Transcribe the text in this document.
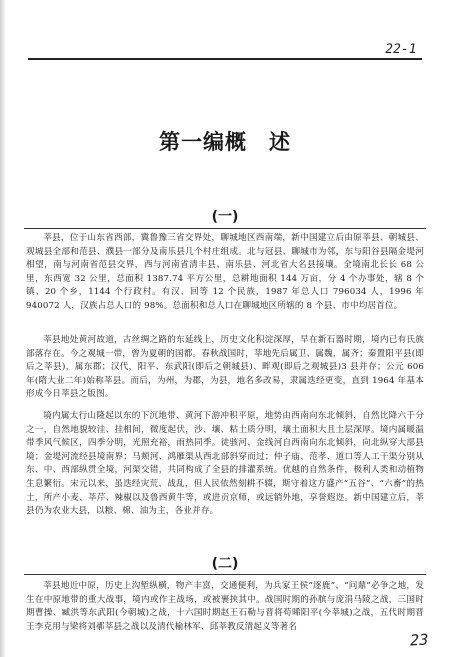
22-1
第一编概　述
(一)

莘县，位于山东省西部，冀鲁豫三省交界处，聊城地区西南端，新中国建立后由原莘县、朝城县、观城县全部和范县、濮县一部分及南乐县几个村庄组成。北与冠县、聊城市为邻，东与阳谷县隔金堤河相望，南与河南省范县交界，西与河南省清丰县、南乐县、河北省大名县接壤。全境南北长长 68 公里，东西宽 32 公里，总面积 1387.74 平方公里，总耕地面积 144 万亩，分 4 个办事处，辖 8 个镇、20 个乡，1144 个行政村。有汉、回等 12 个民族，1987 年总人口 796034 人，1996 年 940072 人，汉族占总人口的 98%。总面积和总人口在聊城地区所辖的 8 个县、市中均居首位。

莘县地处黄河故道，古丝绸之路的东延线上，历史文化积淀深厚，早在新石器时期，境内已有氏族部落存在。今之观城一带，曾为夏朝的国都。春秋战国时，莘地先后属卫、属魏，属齐；秦置阳平县(即后之莘县)，属东郡；汉代，阳平、东武阳(即后之朝城县)、畔观(即后之观城县)3 县并存；公元 606 年(隋大业二年)始称莘县。而后，为州，为郡，为县，地名多改易，隶属迭经更变，直到 1964 年基本形成今日莘县之版图。

境内属太行山隆起以东的下沉地带、黄河下游冲积平原，地势由西南向东北倾斜，自然比降六千分之一，自然地貌较洼、挂相间，微度起伏，沙、壤、粘土质分明，壤土面积大且土层深厚。境内属暖温带季风气候区，四季分明，光照充裕，雨热同季。徒骇河、金线河自西南向东北倾斜，向北纵穿大部县境；金堤河流经县境南界；马颊河、鸿雁渠从西北部斜穿而过；仲子庙、范孝、道口等人工干渠分别从东、中、西部纵贯全境，河渠交错，共同构成了全县的排灌系统。优越的自然条件，极利人类和动植物生息繁衍。宋元以来，虽迭经灾荒、战乱，但人民依然刻耕不辍，斯守着这方盛产“五谷”、“六畜”的热土，所产小麦、莘芹、辣椒以及鲁西黄牛等，或进贡京师，或远销外地，享誉遐迩。新中国建立后，莘县仍为农业大县，以粮、棉、油为主，各业并存。

(二)

莘县地近中原，历史上沟堑纵横，物产丰富，交通便利，为兵家王侯“逐鹿”、“问鼎”必争之地，发生在中原地带的重大战事，境内或作主战场，或被裹挟其中。战国时期的孙膑与庞涓马陵之战，三国时期曹操、臧洪等东武阳(今朝城)之战，十六国时期赵王石勒与晋将苟晞阳平(今莘城)之战，五代时期晋王李克用与梁将刘鄩莘县之战以及清代榆林军、邱莘教反清起义等著名

23
